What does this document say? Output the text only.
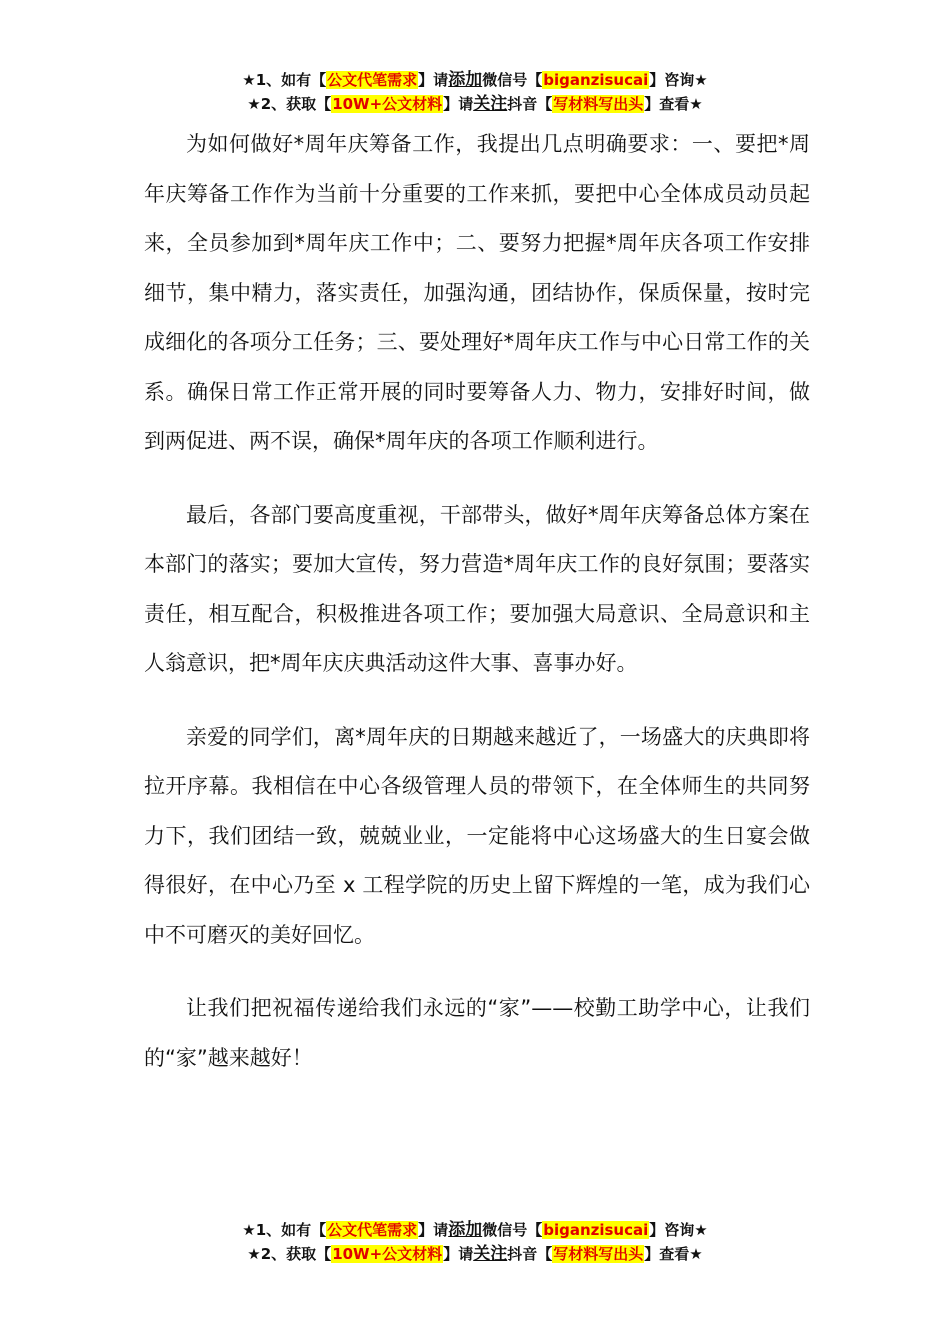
★1、如有【公文代笔需求】请添加微信号【biganzisucai】咨询★
★2、获取【10W+公文材料】请关注抖音【写材料写出头】查看★

为如何做好*周年庆筹备工作，我提出几点明确要求：一、要把*周年庆筹备工作作为当前十分重要的工作来抓，要把中心全体成员动员起来，全员参加到*周年庆工作中；二、要努力把握*周年庆各项工作安排细节，集中精力，落实责任，加强沟通，团结协作，保质保量，按时完成细化的各项分工任务；三、要处理好*周年庆工作与中心日常工作的关系。确保日常工作正常开展的同时要筹备人力、物力，安排好时间，做到两促进、两不误，确保*周年庆的各项工作顺利进行。

最后，各部门要高度重视，干部带头，做好*周年庆筹备总体方案在本部门的落实；要加大宣传，努力营造*周年庆工作的良好氛围；要落实责任，相互配合，积极推进各项工作；要加强大局意识、全局意识和主人翁意识，把*周年庆庆典活动这件大事、喜事办好。

亲爱的同学们，离*周年庆的日期越来越近了，一场盛大的庆典即将拉开序幕。我相信在中心各级管理人员的带领下，在全体师生的共同努力下，我们团结一致，兢兢业业，一定能将中心这场盛大的生日宴会做得很好，在中心乃至 x 工程学院的历史上留下辉煌的一笔，成为我们心中不可磨灭的美好回忆。

让我们把祝福传递给我们永远的“家”——校勤工助学中心，让我们的“家”越来越好！

★1、如有【公文代笔需求】请添加微信号【biganzisucai】咨询★
★2、获取【10W+公文材料】请关注抖音【写材料写出头】查看★
